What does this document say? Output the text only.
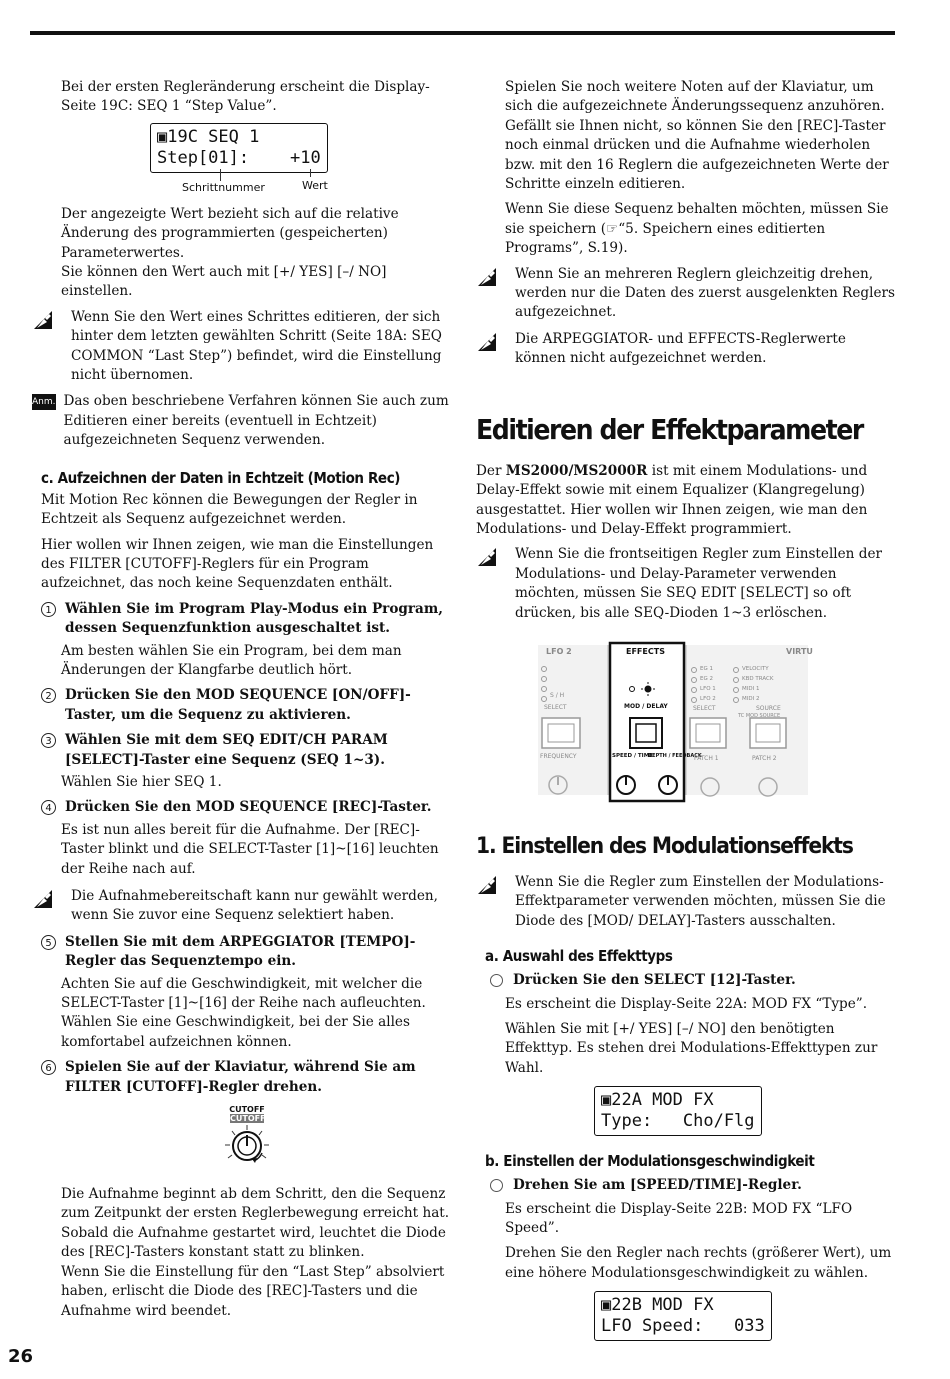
Bei der ersten Regleränderung erscheint die Display-Seite 19C: SEQ 1 “Step Value”.

▣19C SEQ 1
Step[01]:    +10
Schrittnummer	Wert

Der angezeigte Wert bezieht sich auf die relative Änderung des programmierten (gespeicherten) Parameterwertes.

Sie können den Wert auch mit [+/ YES] [–/ NO] einstellen.

Wenn Sie den Wert eines Schrittes editieren, der sich hinter dem letzten gewählten Schritt (Seite 18A: SEQ COMMON “Last Step”) befindet, wird die Einstellung nicht übernomen.

Anm. Das oben beschriebene Verfahren können Sie auch zum Editieren einer bereits (eventuell in Echtzeit) aufgezeichneten Sequenz verwenden.

c. Aufzeichnen der Daten in Echtzeit (Motion Rec)

Mit Motion Rec können die Bewegungen der Regler in Echtzeit als Sequenz aufgezeichnet werden.

Hier wollen wir Ihnen zeigen, wie man die Einstellungen des FILTER [CUTOFF]-Reglers für ein Program aufzeichnet, das noch keine Sequenzdaten enthält.

1 Wählen Sie im Program Play-Modus ein Program, dessen Sequenzfunktion ausgeschaltet ist.

Am besten wählen Sie ein Program, bei dem man Änderungen der Klangfarbe deutlich hört.

2 Drücken Sie den MOD SEQUENCE [ON/OFF]-Taster, um die Sequenz zu aktivieren.

3 Wählen Sie mit dem SEQ EDIT/CH PARAM [SELECT]-Taster eine Sequenz (SEQ 1~3).

Wählen Sie hier SEQ 1.

4 Drücken Sie den MOD SEQUENCE [REC]-Taster.

Es ist nun alles bereit für die Aufnahme. Der [REC]-Taster blinkt und die SELECT-Taster [1]~[16] leuchten der Reihe nach auf.

Die Aufnahmebereitschaft kann nur gewählt werden, wenn Sie zuvor eine Sequenz selektiert haben.

5 Stellen Sie mit dem ARPEGGIATOR [TEMPO]-Regler das Sequenztempo ein.

Achten Sie auf die Geschwindigkeit, mit welcher die SELECT-Taster [1]~[16] der Reihe nach aufleuchten. Wählen Sie eine Geschwindigkeit, bei der Sie alles komfortabel aufzeichnen können.

6 Spielen Sie auf der Klaviatur, während Sie am FILTER [CUTOFF]-Regler drehen.

CUTOFF
CUTOFF

Die Aufnahme beginnt ab dem Schritt, den die Sequenz zum Zeitpunkt der ersten Reglerbewegung erreicht hat. Sobald die Aufnahme gestartet wird, leuchtet die Diode des [REC]-Tasters konstant statt zu blinken.

Wenn Sie die Einstellung für den “Last Step” absolviert haben, erlischt die Diode des [REC]-Tasters und die Aufnahme wird beendet.

Spielen Sie noch weitere Noten auf der Klaviatur, um sich die aufgezeichnete Änderungssequenz anzuhören. Gefällt sie Ihnen nicht, so können Sie den [REC]-Taster noch einmal drücken und die Aufnahme wiederholen bzw. mit den 16 Reglern die aufgezeichneten Werte der Schritte einzeln editieren.

Wenn Sie diese Sequenz behalten möchten, müssen Sie sie speichern (☞“5. Speichern eines editierten Programs”, S.19).

Wenn Sie an mehreren Reglern gleichzeitig drehen, werden nur die Daten des zuerst ausgelenkten Reglers aufgezeichnet.

Die ARPEGGIATOR- und EFFECTS-Reglerwerte können nicht aufgezeichnet werden.

Editieren der Effektparameter

Der MS2000/MS2000R ist mit einem Modulations- und Delay-Effekt sowie mit einem Equalizer (Klangregelung) ausgestattet. Hier wollen wir Ihnen zeigen, wie man den Modulations- und Delay-Effekt programmiert.

Wenn Sie die frontseitigen Regler zum Einstellen der Modulations- und Delay-Parameter verwenden möchten, müssen Sie SEQ EDIT [SELECT] so oft drücken, bis alle SEQ-Dioden 1~3 erlöschen.

LFO 2	EFFECTS	VIRTU
S / H
SELECT	SELECT
FREQUENCY
MOD / DELAY
SPEED / TIME
DEPTH / FEEDBACK
EG 1
EG 2
LFO 1
LFO 2
VELOCITY
KBD TRACK
MIDI 1
MIDI 2
SOURCE
TC MOD SOURCE
PATCH 1	PATCH 2
1. Einstellen des Modulationseffekts

Wenn Sie die Regler zum Einstellen der Modulations-Effektparameter verwenden möchten, müssen Sie die Diode des [MOD/ DELAY]-Tasters ausschalten.

a. Auswahl des Effekttyps

Drücken Sie den SELECT [12]-Taster.

Es erscheint die Display-Seite 22A: MOD FX “Type”.

Wählen Sie mit [+/ YES] [–/ NO] den benötigten Effekttyp. Es stehen drei Modulations-Effekttypen zur Wahl.

▣22A MOD FX
Type:   Cho/Flg
b. Einstellen der Modulationsgeschwindigkeit

Drehen Sie am [SPEED/TIME]-Regler.

Es erscheint die Display-Seite 22B: MOD FX “LFO Speed”.

Drehen Sie den Regler nach rechts (größerer Wert), um eine höhere Modulationsgeschwindigkeit zu wählen.

▣22B MOD FX
LFO Speed:   033
26
